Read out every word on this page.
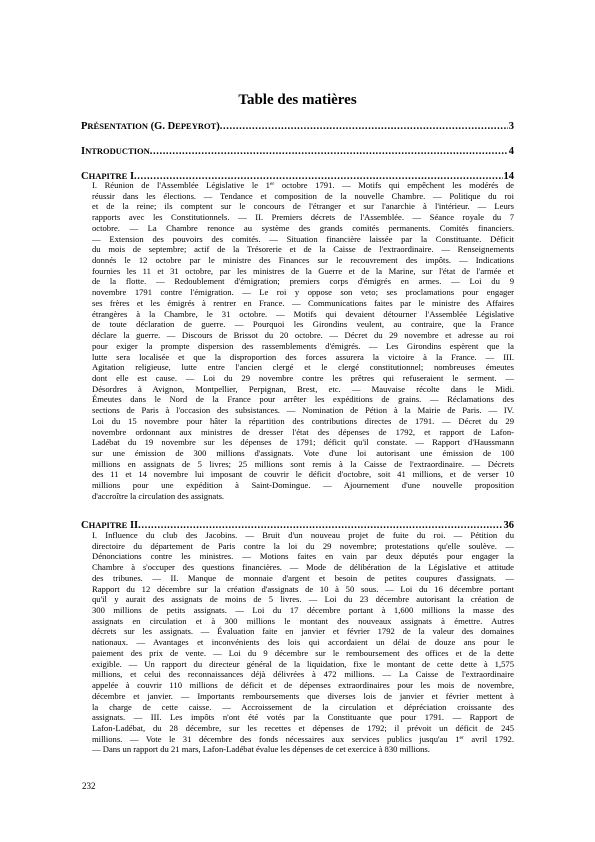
Table des matières
PRÉSENTATION (G. DEPEYROT) .....	3
INTRODUCTION .....	4
CHAPITRE I .....	14
I. Réunion de l'Assemblée Législative le 1er octobre 1791. — Motifs qui empêchent les modérés de
réussir dans les élections. — Tendance et composition de la nouvelle Chambre. — Politique du roi
et de la reine; ils comptent sur le concours de l'étranger et sur l'anarchie à l'intérieur. — Leurs
rapports avec les Constitutionnels. — II. Premiers décrets de l'Assemblée. — Séance royale du 7
octobre. — La Chambre renonce au système des grands comités permanents. Comités financiers.
— Extension des pouvoirs des comités. — Situation financière laissée par la Constituante. Déficit
du mois de septembre; actif de la Trésorerie et de la Caisse de l'extraordinaire. — Renseignements
donnés le 12 octobre par le ministre des Finances sur le recouvrement des impôts. — Indications
fournies les 11 et 31 octobre, par les ministres de la Guerre et de la Marine, sur l'état de l'armée et
de la flotte. — Redoublement d'émigration; premiers corps d'émigrés en armes. — Loi du 9
novembre 1791 contre l'émigration. — Le roi y oppose son veto; ses proclamations pour engager
ses frères et les émigrés à rentrer en France. — Communications faites par le ministre des Affaires
étrangères à la Chambre, le 31 octobre. — Motifs qui devaient détourner l'Assemblée Législative
de toute déclaration de guerre. — Pourquoi les Girondins veulent, au contraire, que la France
déclare la guerre. — Discours de Brissot du 20 octobre. — Décret du 29 novembre et adresse au roi
pour exiger la prompte dispersion des rassemblements d'émigrés. — Les Girondins espèrent que la
lutte sera localisée et que la disproportion des forces assurera la victoire à la France. — III.
Agitation religieuse, lutte entre l'ancien clergé et le clergé constitutionnel; nombreuses émeutes
dont elle est cause. — Loi du 29 novembre contre les prêtres qui refuseraient le serment. —
Désordres à Avignon, Montpellier, Perpignan, Brest, etc. — Mauvaise récolte dans le Midi.
Émeutes dans le Nord de la France pour arrêter les expéditions de grains. — Réclamations des
sections de Paris à l'occasion des subsistances. — Nomination de Pétion à la Mairie de Paris. — IV.
Loi du 15 novembre pour hâter la répartition des contributions directes de 1791. — Décret du 29
novembre ordonnant aux ministres de dresser l'état des dépenses de 1792, et rapport de Lafon-
Ladébat du 19 novembre sur les dépenses de 1791; déficit qu'il constate. — Rapport d'Haussmann
sur une émission de 300 millions d'assignats. Vote d'une loi autorisant une émission de 100
millions en assignats de 5 livres; 25 millions sont remis à la Caisse de l'extraordinaire. — Décrets
des 11 et 14 novembre lui imposant de couvrir le déficit d'octobre, soit 41 millions, et de verser 10
millions pour une expédition à Saint-Domingue. — Ajournement d'une nouvelle proposition
d'accroître la circulation des assignats.
CHAPITRE II .....	36
I. Influence du club des Jacobins. — Bruit d'un nouveau projet de fuite du roi. — Pétition du
directoire du département de Paris contre la loi du 29 novembre; protestations qu'elle soulève. —
Dénonciations contre les ministres. — Motions faites en vain par deux députés pour engager la
Chambre à s'occuper des questions financières. — Mode de délibération de la Législative et attitude
des tribunes. — II. Manque de monnaie d'argent et besoin de petites coupures d'assignats. —
Rapport du 12 décembre sur la création d'assignats de 10 à 50 sous. — Loi du 16 décembre portant
qu'il y aurait des assignats de moins de 5 livres. — Loi du 23 décembre autorisant la création de
300 millions de petits assignats. — Loi du 17 décembre portant à 1,600 millions la masse des
assignats en circulation et à 300 millions le montant des nouveaux assignats à émettre. Autres
décrets sur les assignats. — Évaluation faite en janvier et février 1792 de la valeur des domaines
nationaux. — Avantages et inconvénients des lois qui accordaient un délai de douze ans pour le
paiement des prix de vente. — Loi du 9 décembre sur le remboursement des offices et de la dette
exigible. — Un rapport du directeur général de la liquidation, fixe le montant de cette dette à 1,575
millions, et celui des reconnaissances déjà délivrées à 472 millions. — La Caisse de l'extraordinaire
appelée à couvrir 110 millions de déficit et de dépenses extraordinaires pour les mois de novembre,
décembre et janvier. — Importants remboursements que diverses lois de janvier et février mettent à
la charge de cette caisse. — Accroissement de la circulation et dépréciation croissante des
assignats. — III. Les impôts n'ont été votés par la Constituante que pour 1791. — Rapport de
Lafon-Ladébat, du 28 décembre, sur les recettes et dépenses de 1792; il prévoit un déficit de 245
millions. — Vote le 31 décembre des fonds nécessaires aux services publics jusqu'au 1er avril 1792.
— Dans un rapport du 21 mars, Lafon-Ladébat évalue les dépenses de cet exercice à 830 millions.

232
